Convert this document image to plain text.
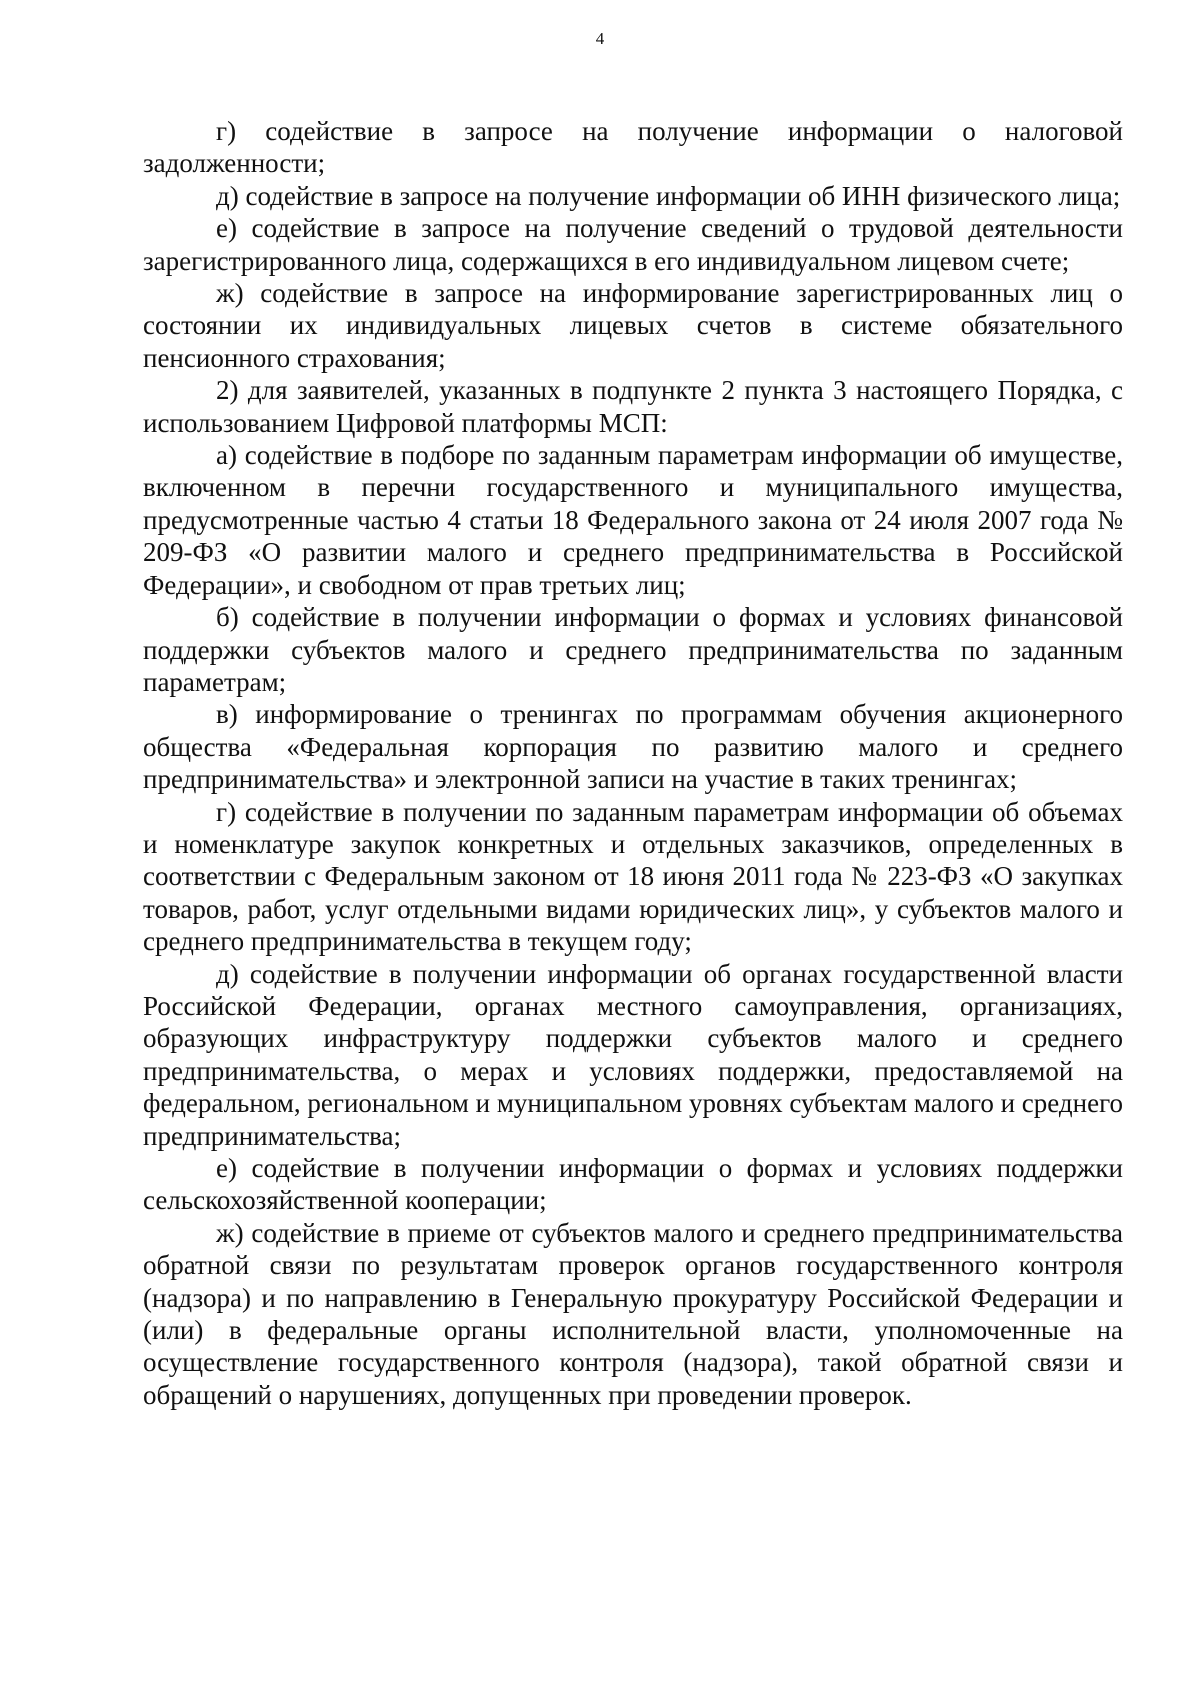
4

г) содействие в запросе на получение информации о налоговой задолженности;

д) содействие в запросе на получение информации об ИНН физического лица;

е) содействие в запросе на получение сведений о трудовой деятельности зарегистрированного лица, содержащихся в его индивидуальном лицевом счете;

ж) содействие в запросе на информирование зарегистрированных лиц о состоянии их индивидуальных лицевых счетов в системе обязательного пенсионного страхования;

2) для заявителей, указанных в подпункте 2 пункта 3 настоящего Порядка, с использованием Цифровой платформы МСП:

а) содействие в подборе по заданным параметрам информации об имуществе, включенном в перечни государственного и муниципального имущества, предусмотренные частью 4 статьи 18 Федерального закона от 24 июля 2007 года № 209-ФЗ «О развитии малого и среднего предпринимательства в Российской Федерации», и свободном от прав третьих лиц;

б) содействие в получении информации о формах и условиях финансовой поддержки субъектов малого и среднего предпринимательства по заданным параметрам;

в) информирование о тренингах по программам обучения акционерного общества «Федеральная корпорация по развитию малого и среднего предпринимательства» и электронной записи на участие в таких тренингах;

г) содействие в получении по заданным параметрам информации об объемах и номенклатуре закупок конкретных и отдельных заказчиков, определенных в соответствии с Федеральным законом от 18 июня 2011 года № 223-ФЗ «О закупках товаров, работ, услуг отдельными видами юридических лиц», у субъектов малого и среднего предпринимательства в текущем году;

д) содействие в получении информации об органах государственной власти Российской Федерации, органах местного самоуправления, организациях, образующих инфраструктуру поддержки субъектов малого и среднего предпринимательства, о мерах и условиях поддержки, предоставляемой на федеральном, региональном и муниципальном уровнях субъектам малого и среднего предпринимательства;

е) содействие в получении информации о формах и условиях поддержки сельскохозяйственной кооперации;

ж) содействие в приеме от субъектов малого и среднего предпринимательства обратной связи по результатам проверок органов государственного контроля (надзора) и по направлению в Генеральную прокуратуру Российской Федерации и (или) в федеральные органы исполнительной власти, уполномоченные на осуществление государственного контроля (надзора), такой обратной связи и обращений о нарушениях, допущенных при проведении проверок.
